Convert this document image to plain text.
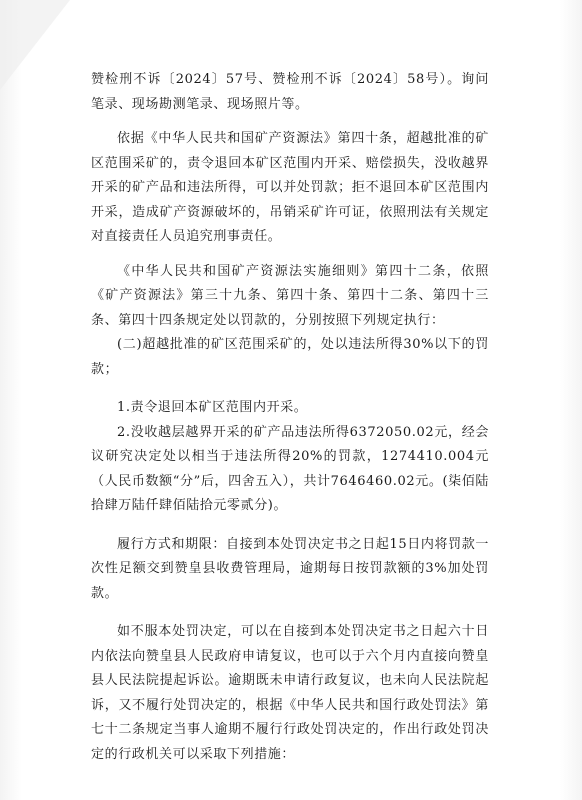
赞检刑不诉〔2024〕57号、赞检刑不诉〔2024〕58号）。询问笔录、现场勘测笔录、现场照片等。

依据《中华人民共和国矿产资源法》第四十条，超越批准的矿区范围采矿的，责令退回本矿区范围内开采、赔偿损失，没收越界开采的矿产品和违法所得，可以并处罚款；拒不退回本矿区范围内开采，造成矿产资源破坏的，吊销采矿许可证，依照刑法有关规定对直接责任人员追究刑事责任。

《中华人民共和国矿产资源法实施细则》第四十二条，依照《矿产资源法》第三十九条、第四十条、第四十二条、第四十三条、第四十四条规定处以罚款的，分别按照下列规定执行：

(二)超越批准的矿区范围采矿的，处以违法所得30%以下的罚款；

1.责令退回本矿区范围内开采。

2.没收越层越界开采的矿产品违法所得6372050.02元，经会议研究决定处以相当于违法所得20%的罚款，1274410.004元（人民币数额“分”后，四舍五入），共计7646460.02元。(柒佰陆拾肆万陆仟肆佰陆拾元零贰分)。

履行方式和期限：自接到本处罚决定书之日起15日内将罚款一次性足额交到赞皇县收费管理局，逾期每日按罚款额的3%加处罚款。

如不服本处罚决定，可以在自接到本处罚决定书之日起六十日内依法向赞皇县人民政府申请复议，也可以于六个月内直接向赞皇县人民法院提起诉讼。逾期既未申请行政复议，也未向人民法院起诉，又不履行处罚决定的，根据《中华人民共和国行政处罚法》第七十二条规定当事人逾期不履行行政处罚决定的，作出行政处罚决定的行政机关可以采取下列措施：
